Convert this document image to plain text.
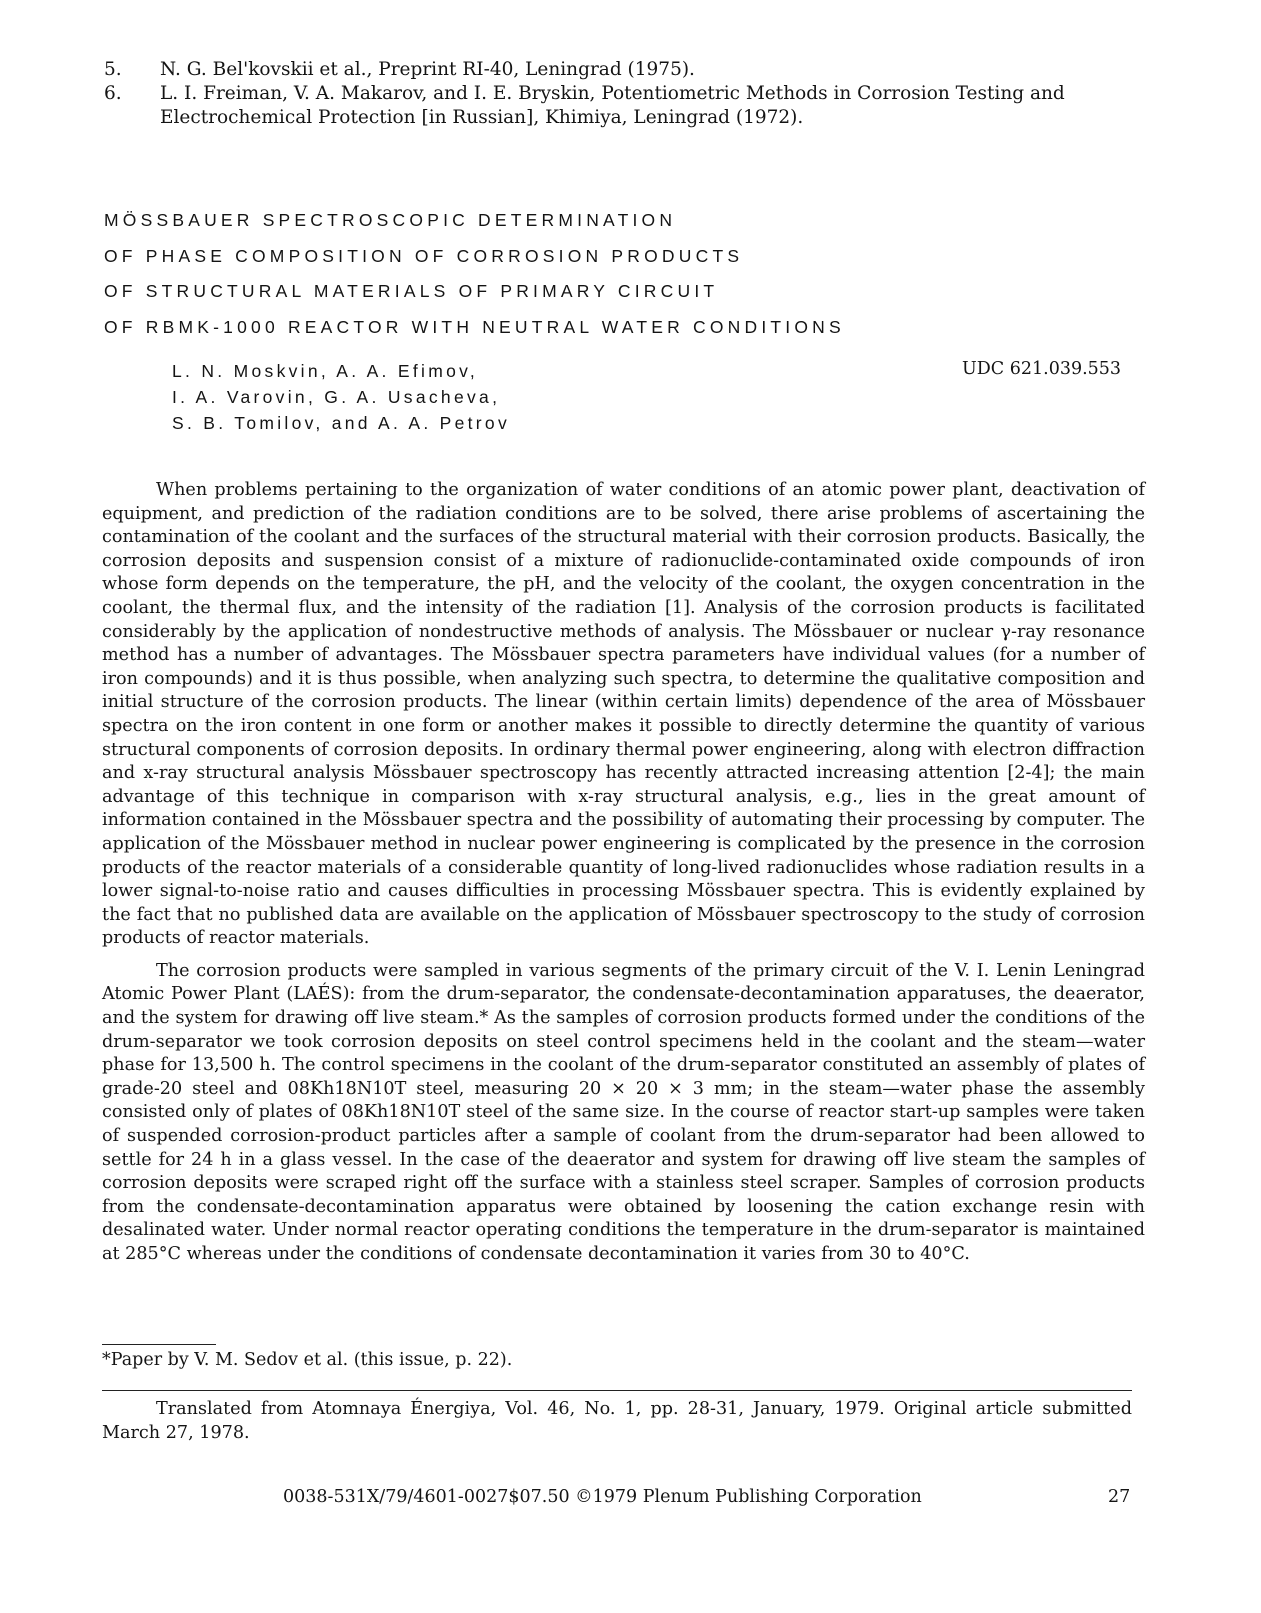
5.	N. G. Bel'kovskii et al., Preprint RI-40, Leningrad (1975).
6.	L. I. Freiman, V. A. Makarov, and I. E. Bryskin, Potentiometric Methods in Corrosion Testing and Electrochemical Protection [in Russian], Khimiya, Leningrad (1972).
MÖSSBAUER SPECTROSCOPIC DETERMINATION
OF PHASE COMPOSITION OF CORROSION PRODUCTS
OF STRUCTURAL MATERIALS OF PRIMARY CIRCUIT
OF RBMK-1000 REACTOR WITH NEUTRAL WATER CONDITIONS
L. N. Moskvin, A. A. Efimov,
I. A. Varovin, G. A. Usacheva,
S. B. Tomilov, and A. A. Petrov
UDC 621.039.553

When problems pertaining to the organization of water conditions of an atomic power plant, deactivation of equipment, and prediction of the radiation conditions are to be solved, there arise problems of ascertaining the contamination of the coolant and the surfaces of the structural material with their corrosion products. Basically, the corrosion deposits and suspension consist of a mixture of radionuclide-contaminated oxide compounds of iron whose form depends on the temperature, the pH, and the velocity of the coolant, the oxygen concentration in the coolant, the thermal flux, and the intensity of the radiation [1]. Analysis of the corrosion products is facilitated considerably by the application of nondestructive methods of analysis. The Mössbauer or nuclear γ-ray resonance method has a number of advantages. The Mössbauer spectra parameters have individual values (for a number of iron compounds) and it is thus possible, when analyzing such spectra, to determine the qualitative composition and initial structure of the corrosion products. The linear (within certain limits) dependence of the area of Mössbauer spectra on the iron content in one form or another makes it possible to directly determine the quantity of various structural components of corrosion deposits. In ordinary thermal power engineering, along with electron diffraction and x-ray structural analysis Mössbauer spectroscopy has recently attracted increasing attention [2-4]; the main advantage of this technique in comparison with x-ray structural analysis, e.g., lies in the great amount of information contained in the Mössbauer spectra and the possibility of automating their processing by computer. The application of the Mössbauer method in nuclear power engineering is complicated by the presence in the corrosion products of the reactor materials of a considerable quantity of long-lived radionuclides whose radiation results in a lower signal-to-noise ratio and causes difficulties in processing Mössbauer spectra. This is evidently explained by the fact that no published data are available on the application of Mössbauer spectroscopy to the study of corrosion products of reactor materials.

The corrosion products were sampled in various segments of the primary circuit of the V. I. Lenin Leningrad Atomic Power Plant (LAÉS): from the drum-separator, the condensate-decontamination apparatuses, the deaerator, and the system for drawing off live steam.* As the samples of corrosion products formed under the conditions of the drum-separator we took corrosion deposits on steel control specimens held in the coolant and the steam—water phase for 13,500 h. The control specimens in the coolant of the drum-separator constituted an assembly of plates of grade-20 steel and 08Kh18N10T steel, measuring 20 × 20 × 3 mm; in the steam—water phase the assembly consisted only of plates of 08Kh18N10T steel of the same size. In the course of reactor start-up samples were taken of suspended corrosion-product particles after a sample of coolant from the drum-separator had been allowed to settle for 24 h in a glass vessel. In the case of the deaerator and system for drawing off live steam the samples of corrosion deposits were scraped right off the surface with a stainless steel scraper. Samples of corrosion products from the condensate-decontamination apparatus were obtained by loosening the cation exchange resin with desalinated water. Under normal reactor operating conditions the temperature in the drum-separator is maintained at 285°C whereas under the conditions of condensate decontamination it varies from 30 to 40°C.

*Paper by V. M. Sedov et al. (this issue, p. 22).
Translated from Atomnaya Énergiya, Vol. 46, No. 1, pp. 28-31, January, 1979. Original article submitted March 27, 1978.
0038-531X/79/4601-0027$07.50 ©1979 Plenum Publishing Corporation	27
